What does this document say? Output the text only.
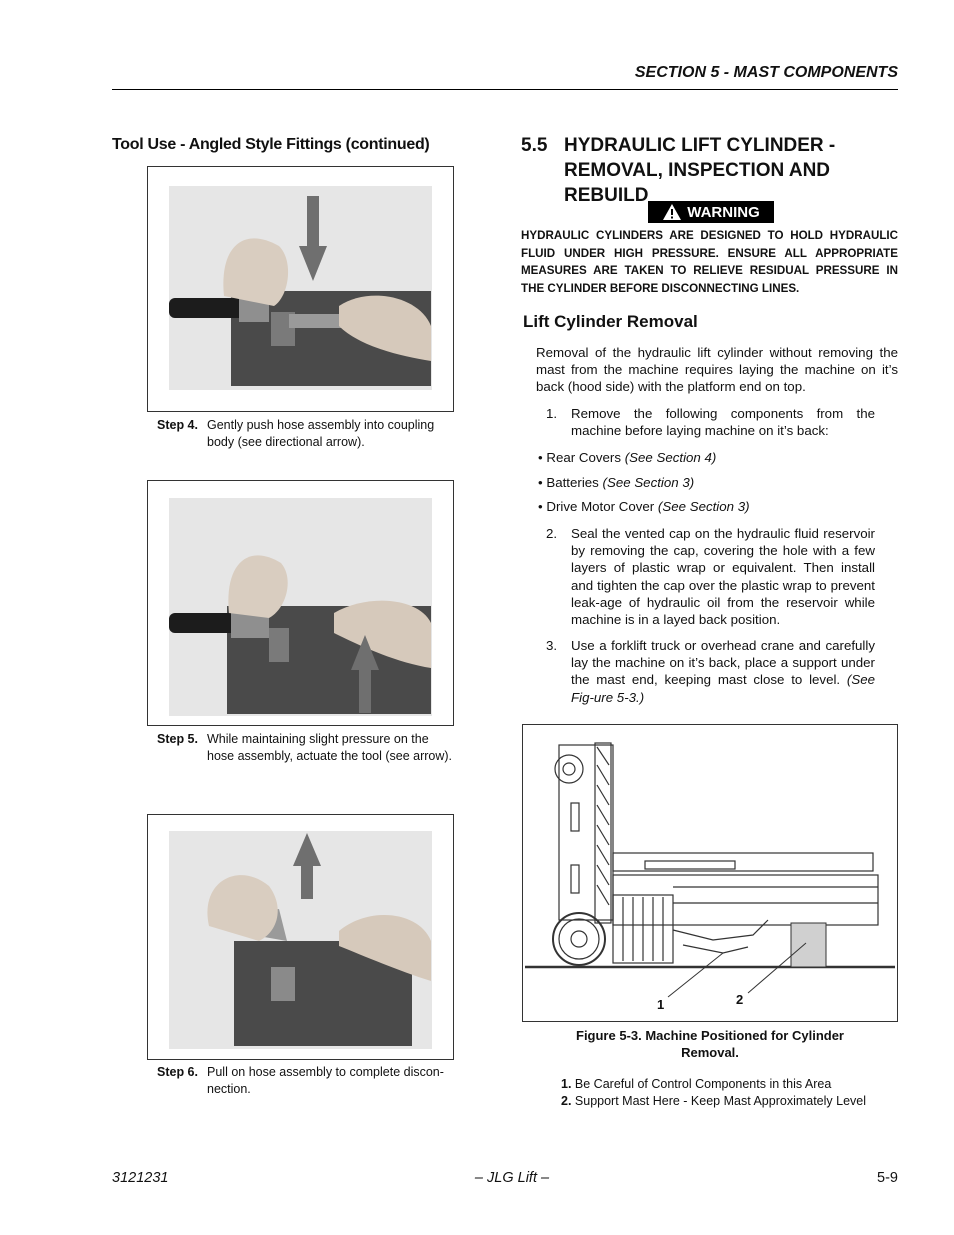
SECTION 5 - MAST COMPONENTS
Tool Use - Angled Style Fittings (continued)
Step 4. Gently push hose assembly into coupling body (see directional arrow).
Step 5. While maintaining slight pressure on the hose assembly, actuate the tool (see arrow).
Step 6. Pull on hose assembly to complete discon-nection.
5.5 HYDRAULIC LIFT CYLINDER - REMOVAL, INSPECTION AND REBUILD
WARNING
HYDRAULIC CYLINDERS ARE DESIGNED TO HOLD HYDRAULIC FLUID UNDER HIGH PRESSURE. ENSURE ALL APPROPRIATE MEASURES ARE TAKEN TO RELIEVE RESIDUAL PRESSURE IN THE CYLINDER BEFORE DISCONNECTING LINES.
Lift Cylinder Removal
Removal of the hydraulic lift cylinder without removing the mast from the machine requires laying the machine on it’s back (hood side) with the platform end on top.
1. Remove the following components from the machine before laying machine on it’s back:
• Rear Covers (See Section 4)
• Batteries (See Section 3)
• Drive Motor Cover (See Section 3)
2. Seal the vented cap on the hydraulic fluid reservoir by removing the cap, covering the hole with a few layers of plastic wrap or equivalent. Then install and tighten the cap over the plastic wrap to prevent leak-age of hydraulic oil from the reservoir while machine is in a layed back position.
3. Use a forklift truck or overhead crane and carefully lay the machine on it’s back, place a support under the mast end, keeping mast close to level. (See Fig-ure 5-3.)
1	2
Figure 5-3. Machine Positioned for Cylinder
Removal.
1. Be Careful of Control Components in this Area
2. Support Mast Here - Keep Mast Approximately Level
3121231	– JLG Lift –	5-9
